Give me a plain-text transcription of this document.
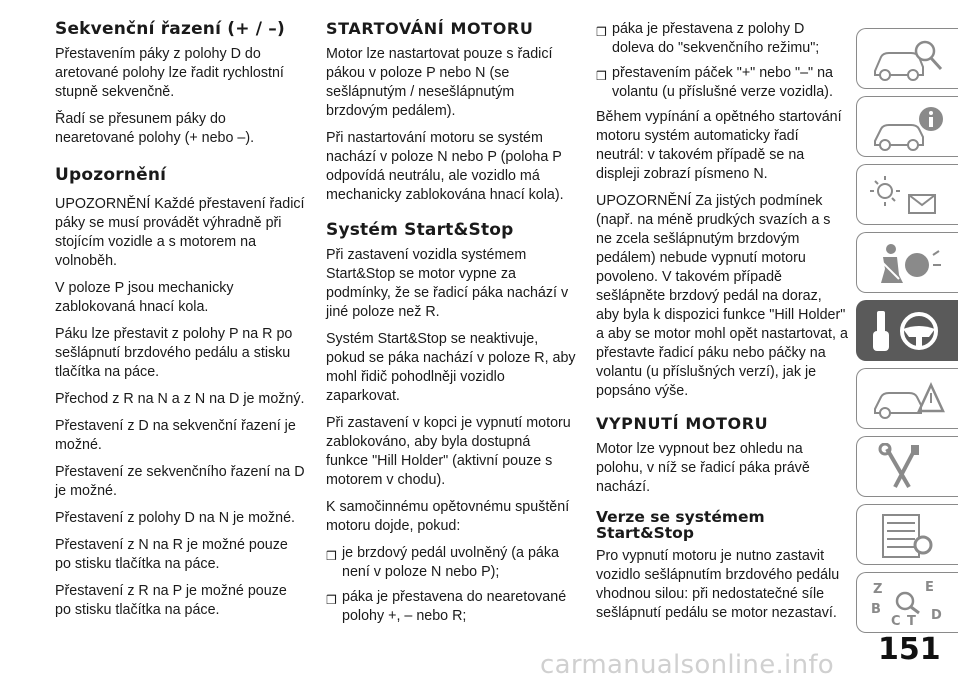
Sekvenční řazení (+ / –)

Přestavením páky z polohy D do aretované polohy lze řadit rychlostní stupně sekvenčně.

Řadí se přesunem páky do nearetované polohy (+ nebo –).

Upozornění

UPOZORNĚNÍ Každé přestavení řadicí páky se musí provádět výhradně při stojícím vozidle a s motorem na volnoběh.

V poloze P jsou mechanicky zablokovaná hnací kola.

Páku lze přestavit z polohy P na R po sešlápnutí brzdového pedálu a stisku tlačítka na páce.

Přechod z R na N a z N na D je možný.

Přestavení z D na sekvenční řazení je možné.

Přestavení ze sekvenčního řazení na D je možné.

Přestavení z polohy D na N je možné.

Přestavení z N na R je možné pouze po stisku tlačítka na páce.

Přestavení z R na P je možné pouze po stisku tlačítka na páce.

STARTOVÁNÍ MOTORU

Motor lze nastartovat pouze s řadicí pákou v poloze P nebo N (se sešlápnutým / nesešlápnutým brzdovým pedálem).

Při nastartování motoru se systém nachází v poloze N nebo P (poloha P odpovídá neutrálu, ale vozidlo má mechanicky zablokována hnací kola).

Systém Start&Stop

Při zastavení vozidla systémem Start&Stop se motor vypne za podmínky, že se řadicí páka nachází v jiné poloze než R.

Systém Start&Stop se neaktivuje, pokud se páka nachází v poloze R, aby mohl řidič pohodlněji vozidlo zaparkovat.

Při zastavení v kopci je vypnutí motoru zablokováno, aby byla dostupná funkce "Hill Holder" (aktivní pouze s motorem v chodu).

K samočinnému opětovnému spuštění motoru dojde, pokud:

❒ je brzdový pedál uvolněný (a páka není v poloze N nebo P);
❒ páka je přestavena do nearetované polohy +, – nebo R;
❒ páka je přestavena z polohy D doleva do "sekvenčního režimu";
❒ přestavením páček "+" nebo "–" na volantu (u příslušné verze vozidla).

Během vypínání a opětného startování motoru systém automaticky řadí neutrál: v takovém případě se na displeji zobrazí písmeno N.

UPOZORNĚNÍ Za jistých podmínek (např. na méně prudkých svazích a s ne zcela sešlápnutým brzdovým pedálem) nebude vypnutí motoru povoleno. V takovém případě sešlápněte brzdový pedál na doraz, aby byla k dispozici funkce "Hill Holder" a aby se motor mohl opět nastartovat, a přestavte řadicí páku nebo páčky na volantu (u příslušných verzí), jak je popsáno výše.

VYPNUTÍ MOTORU

Motor lze vypnout bez ohledu na polohu, v níž se řadicí páka právě nachází.

Verze se systémem Start&Stop

Pro vypnutí motoru je nutno zastavit vozidlo sešlápnutím brzdového pedálu vhodnou silou: při nedostatečné síle sešlápnutí pedálu se motor nezastaví.

Z	E
B
C T D
151
carmanualsonline.info
